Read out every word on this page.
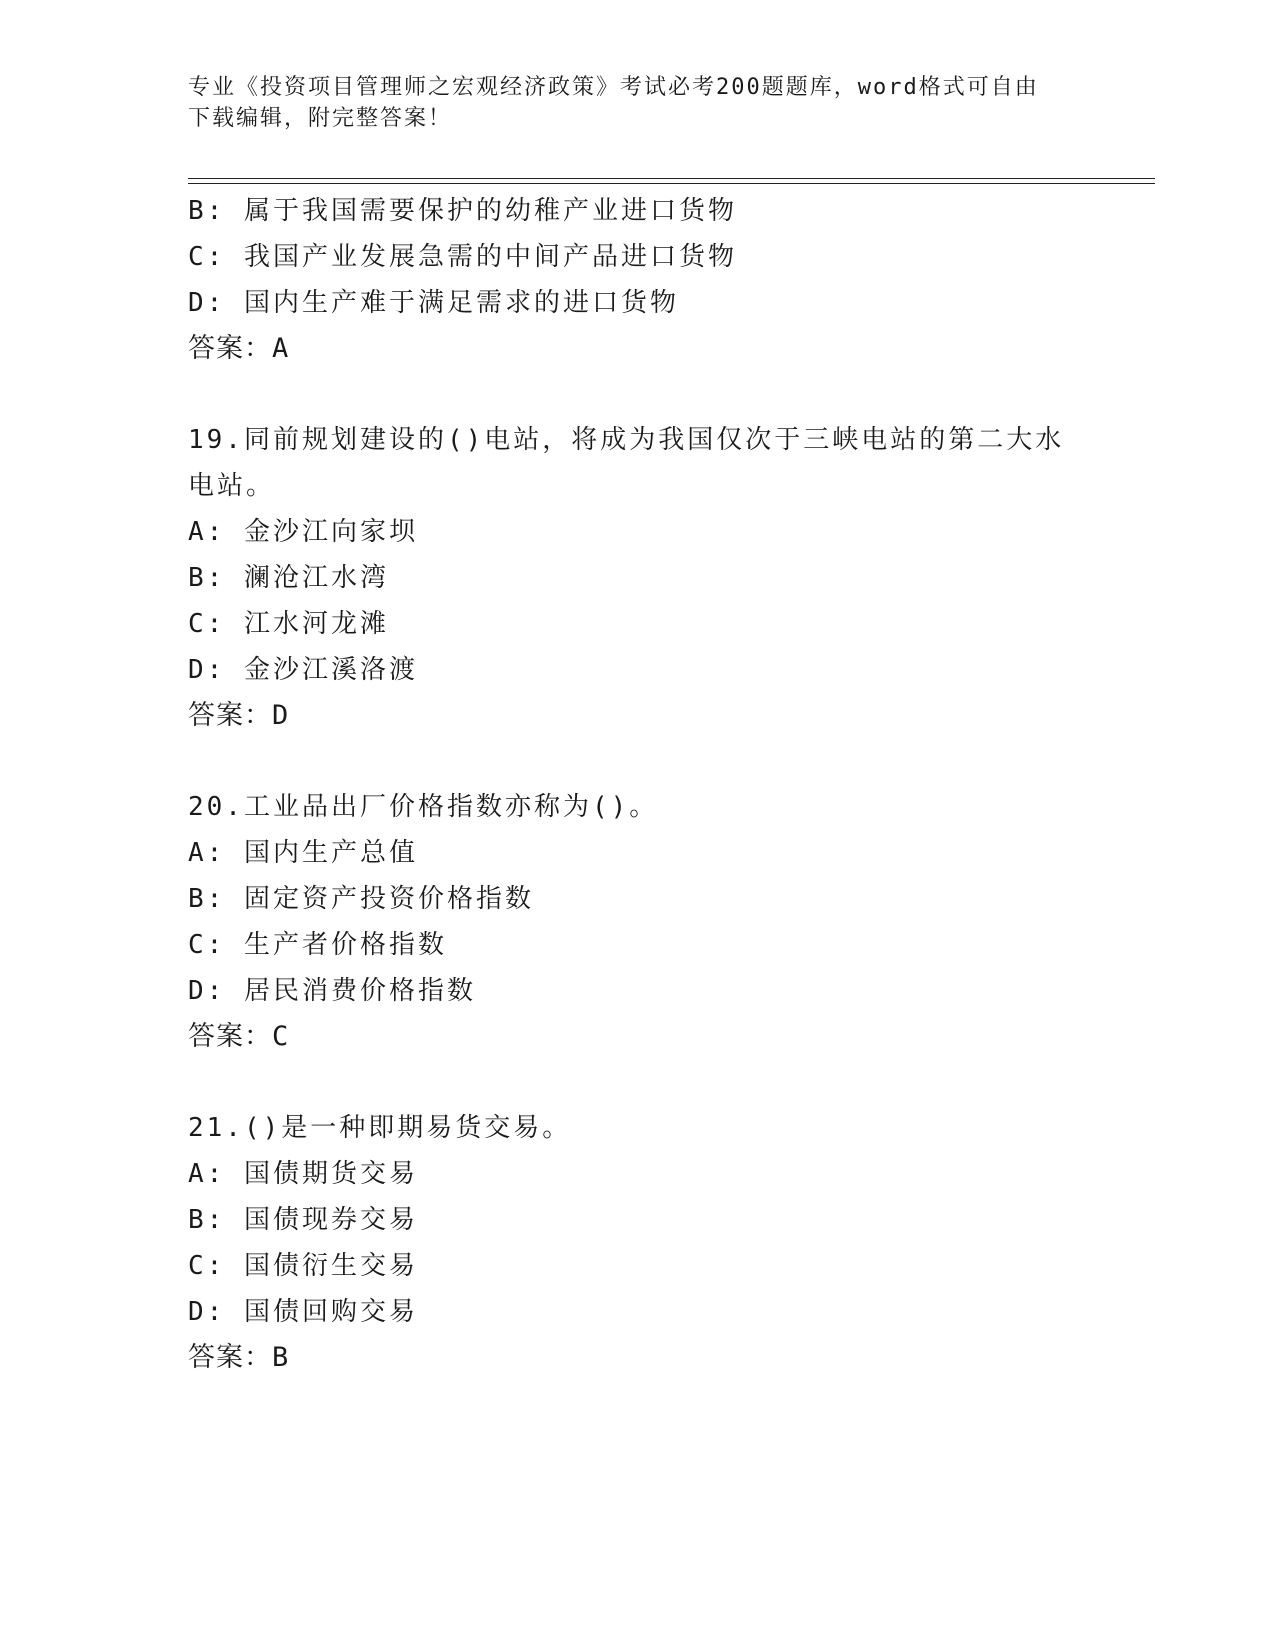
专业《投资项目管理师之宏观经济政策》考试必考200题题库，word格式可自由
下载编辑，附完整答案！
B: 属于我国需要保护的幼稚产业进口货物
C: 我国产业发展急需的中间产品进口货物
D: 国内生产难于满足需求的进口货物
答案：A
19.同前规划建设的()电站，将成为我国仅次于三峡电站的第二大水电站。
A: 金沙江向家坝
B: 澜沧江水湾
C: 江水河龙滩
D: 金沙江溪洛渡
答案：D
20.工业品出厂价格指数亦称为()。
A: 国内生产总值
B: 固定资产投资价格指数
C: 生产者价格指数
D: 居民消费价格指数
答案：C
21.()是一种即期易货交易。
A: 国债期货交易
B: 国债现券交易
C: 国债衍生交易
D: 国债回购交易
答案：B
